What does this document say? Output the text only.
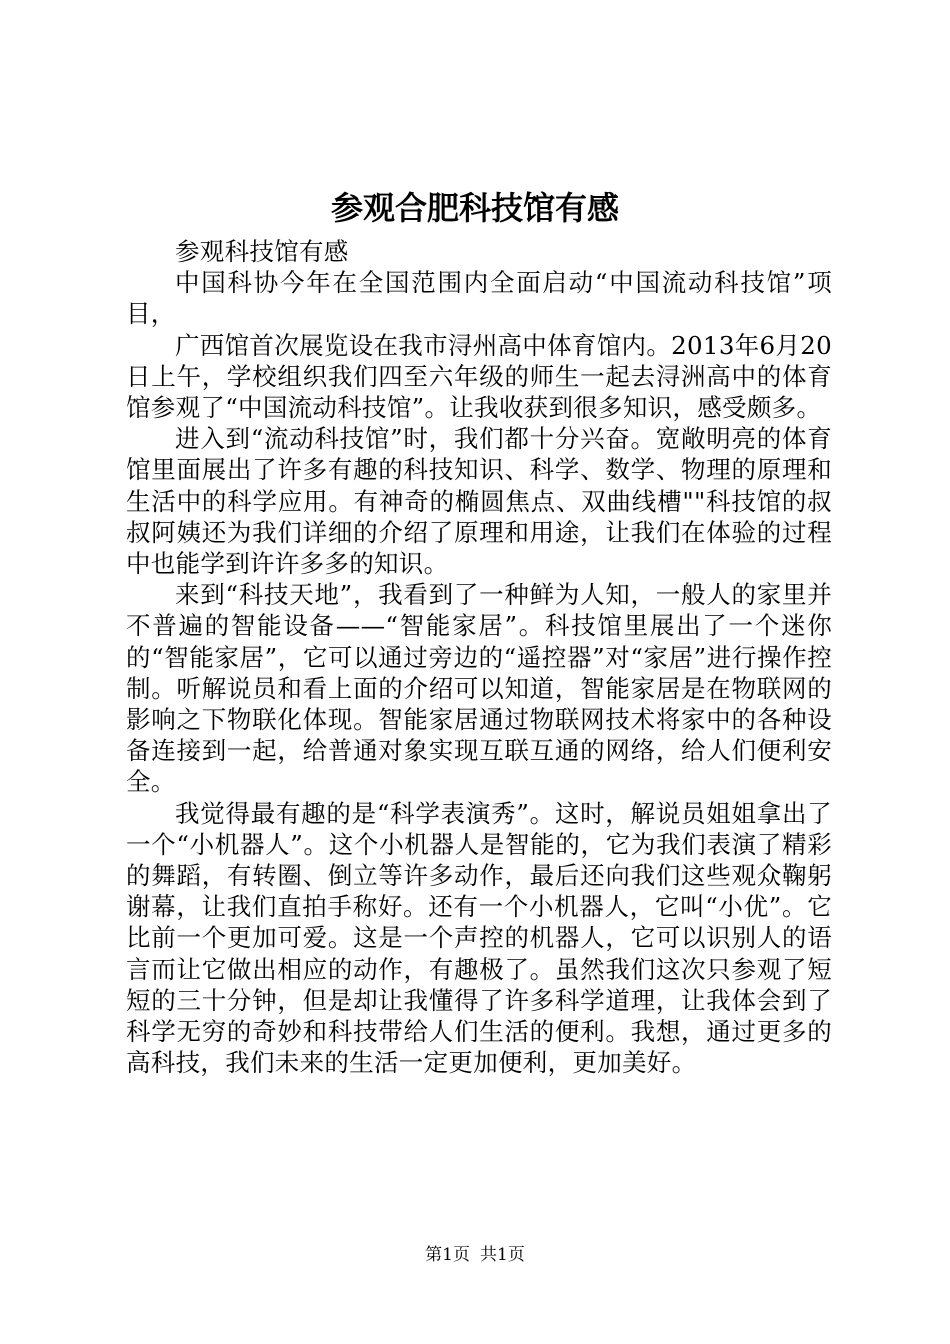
参观合肥科技馆有感

参观科技馆有感

中国科协今年在全国范围内全面启动“中国流动科技馆”项目，

广西馆首次展览设在我市浔州高中体育馆内。2013年6月20日上午，学校组织我们四至六年级的师生一起去浔洲高中的体育馆参观了“中国流动科技馆”。让我收获到很多知识，感受颇多。

进入到“流动科技馆”时，我们都十分兴奋。宽敞明亮的体育馆里面展出了许多有趣的科技知识、科学、数学、物理的原理和生活中的科学应用。有神奇的椭圆焦点、双曲线槽""科技馆的叔叔阿姨还为我们详细的介绍了原理和用途，让我们在体验的过程中也能学到许许多多的知识。

来到“科技天地”，我看到了一种鲜为人知，一般人的家里并不普遍的智能设备——“智能家居”。科技馆里展出了一个迷你的“智能家居”，它可以通过旁边的“遥控器”对“家居”进行操作控制。听解说员和看上面的介绍可以知道，智能家居是在物联网的影响之下物联化体现。智能家居通过物联网技术将家中的各种设备连接到一起，给普通对象实现互联互通的网络，给人们便利安全。

我觉得最有趣的是“科学表演秀”。这时，解说员姐姐拿出了一个“小机器人”。这个小机器人是智能的，它为我们表演了精彩的舞蹈，有转圈、倒立等许多动作，最后还向我们这些观众鞠躬谢幕，让我们直拍手称好。还有一个小机器人，它叫“小优”。它比前一个更加可爱。这是一个声控的机器人，它可以识别人的语言而让它做出相应的动作，有趣极了。虽然我们这次只参观了短短的三十分钟，但是却让我懂得了许多科学道理，让我体会到了科学无穷的奇妙和科技带给人们生活的便利。我想，通过更多的高科技，我们未来的生活一定更加便利，更加美好。

第1页 共1页
